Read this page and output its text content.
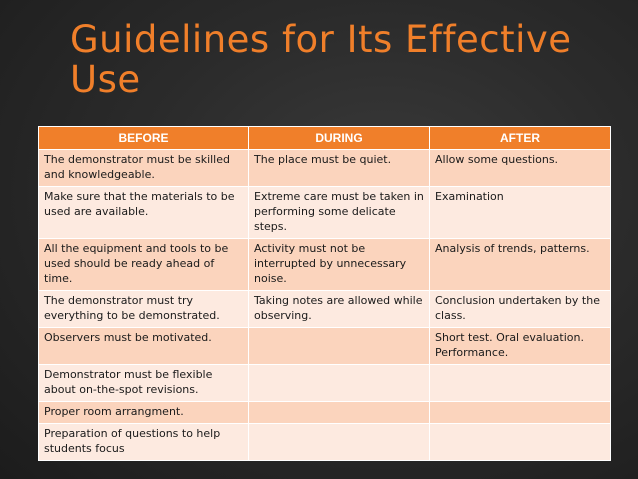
Guidelines for Its Effective Use
BEFORE	DURING	AFTER
The demonstrator must be skilled and knowledgeable.	The place must be quiet.	Allow some questions.
Make sure that the materials to be used are available.	Extreme care must be taken in performing some delicate steps.	Examination
All the equipment and tools to be used should be ready ahead of time.	Activity must not be interrupted by unnecessary noise.	Analysis of trends, patterns.
The demonstrator must try everything to be demonstrated.	Taking notes are allowed while observing.	Conclusion undertaken by the class.
Observers must be motivated.		Short test. Oral evaluation. Performance.
Demonstrator must be flexible about on-the-spot revisions.		
Proper room arrangment.		
Preparation of questions to help students focus		
